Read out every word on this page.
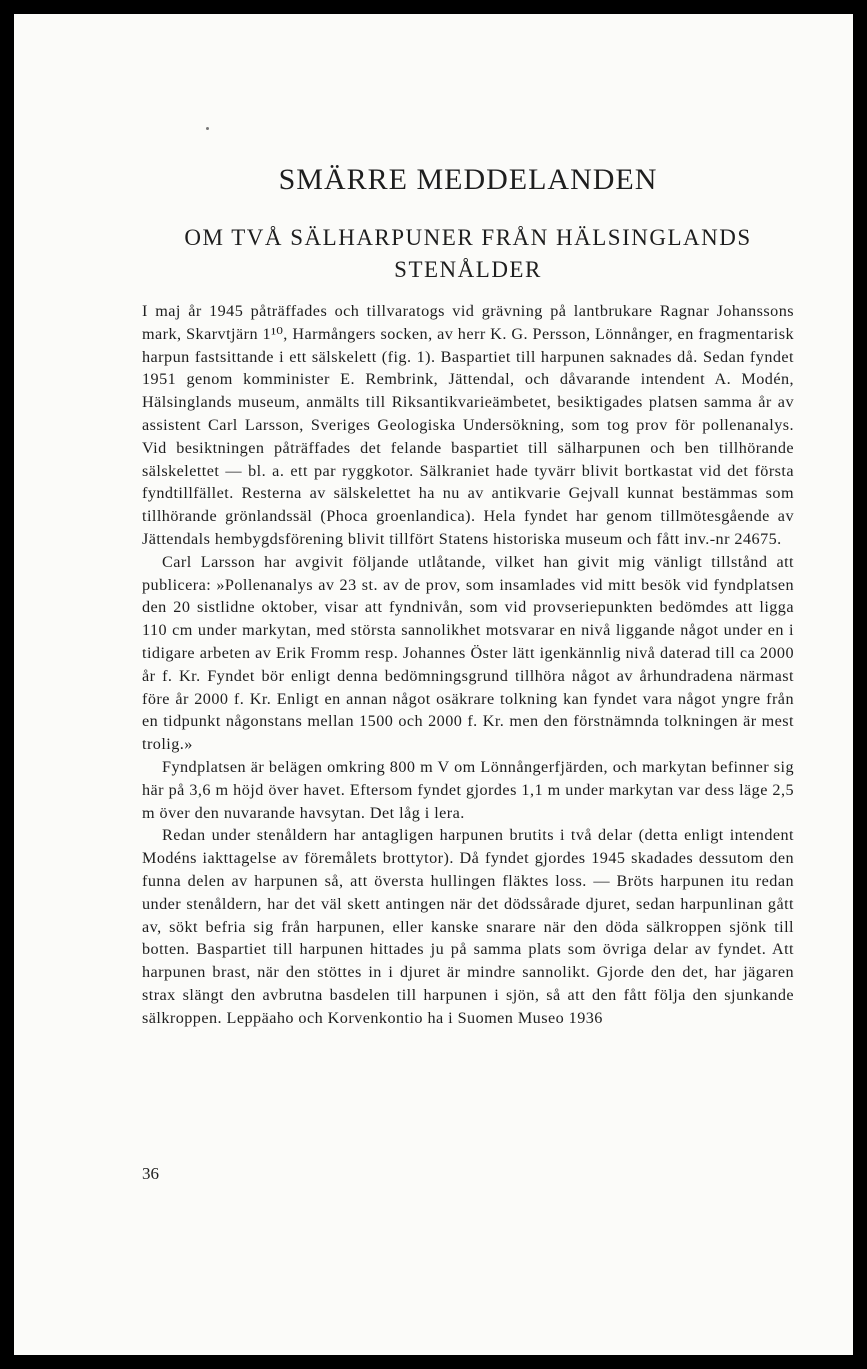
SMÄRRE MEDDELANDEN
OM TVÅ SÄLHARPUNER FRÅN HÄLSINGLANDS
STENÅLDER

I maj år 1945 påträffades och tillvaratogs vid grävning på lantbrukare Ragnar Johanssons mark, Skarvtjärn 1¹⁰, Harmångers socken, av herr K. G. Persson, Lönnånger, en fragmentarisk harpun fastsittande i ett sälskelett (fig. 1). Baspartiet till harpunen saknades då. Sedan fyndet 1951 genom komminister E. Rembrink, Jättendal, och dåvarande intendent A. Modén, Hälsinglands museum, anmälts till Riksantikvarieämbetet, besiktigades platsen samma år av assistent Carl Larsson, Sveriges Geologiska Undersökning, som tog prov för pollenanalys. Vid besiktningen påträffades det felande baspartiet till sälharpunen och ben tillhörande sälskelettet — bl. a. ett par ryggkotor. Sälkraniet hade tyvärr blivit bortkastat vid det första fyndtillfället. Resterna av sälskelettet ha nu av antikvarie Gejvall kunnat bestämmas som tillhörande grönlandssäl (Phoca groenlandica). Hela fyndet har genom tillmötesgående av Jättendals hembygdsförening blivit tillfört Statens historiska museum och fått inv.-nr 24675.

Carl Larsson har avgivit följande utlåtande, vilket han givit mig vänligt tillstånd att publicera: »Pollenanalys av 23 st. av de prov, som insamlades vid mitt besök vid fyndplatsen den 20 sistlidne oktober, visar att fyndnivån, som vid provseriepunkten bedömdes att ligga 110 cm under markytan, med största sannolikhet motsvarar en nivå liggande något under en i tidigare arbeten av Erik Fromm resp. Johannes Öster lätt igenkännlig nivå daterad till ca 2000 år f. Kr. Fyndet bör enligt denna bedömningsgrund tillhöra något av århundradena närmast före år 2000 f. Kr. Enligt en annan något osäkrare tolkning kan fyndet vara något yngre från en tidpunkt någonstans mellan 1500 och 2000 f. Kr. men den förstnämnda tolkningen är mest trolig.»

Fyndplatsen är belägen omkring 800 m V om Lönnångerfjärden, och markytan befinner sig här på 3,6 m höjd över havet. Eftersom fyndet gjordes 1,1 m under markytan var dess läge 2,5 m över den nuvarande havsytan. Det låg i lera.

Redan under stenåldern har antagligen harpunen brutits i två delar (detta enligt intendent Modéns iakttagelse av föremålets brottytor). Då fyndet gjordes 1945 skadades dessutom den funna delen av harpunen så, att översta hullingen fläktes loss. — Bröts harpunen itu redan under stenåldern, har det väl skett antingen när det dödssårade djuret, sedan harpunlinan gått av, sökt befria sig från harpunen, eller kanske snarare när den döda sälkroppen sjönk till botten. Baspartiet till harpunen hittades ju på samma plats som övriga delar av fyndet. Att harpunen brast, när den stöttes in i djuret är mindre sannolikt. Gjorde den det, har jägaren strax slängt den avbrutna basdelen till harpunen i sjön, så att den fått följa den sjunkande sälkroppen. Leppäaho och Korvenkontio ha i Suomen Museo 1936

36
